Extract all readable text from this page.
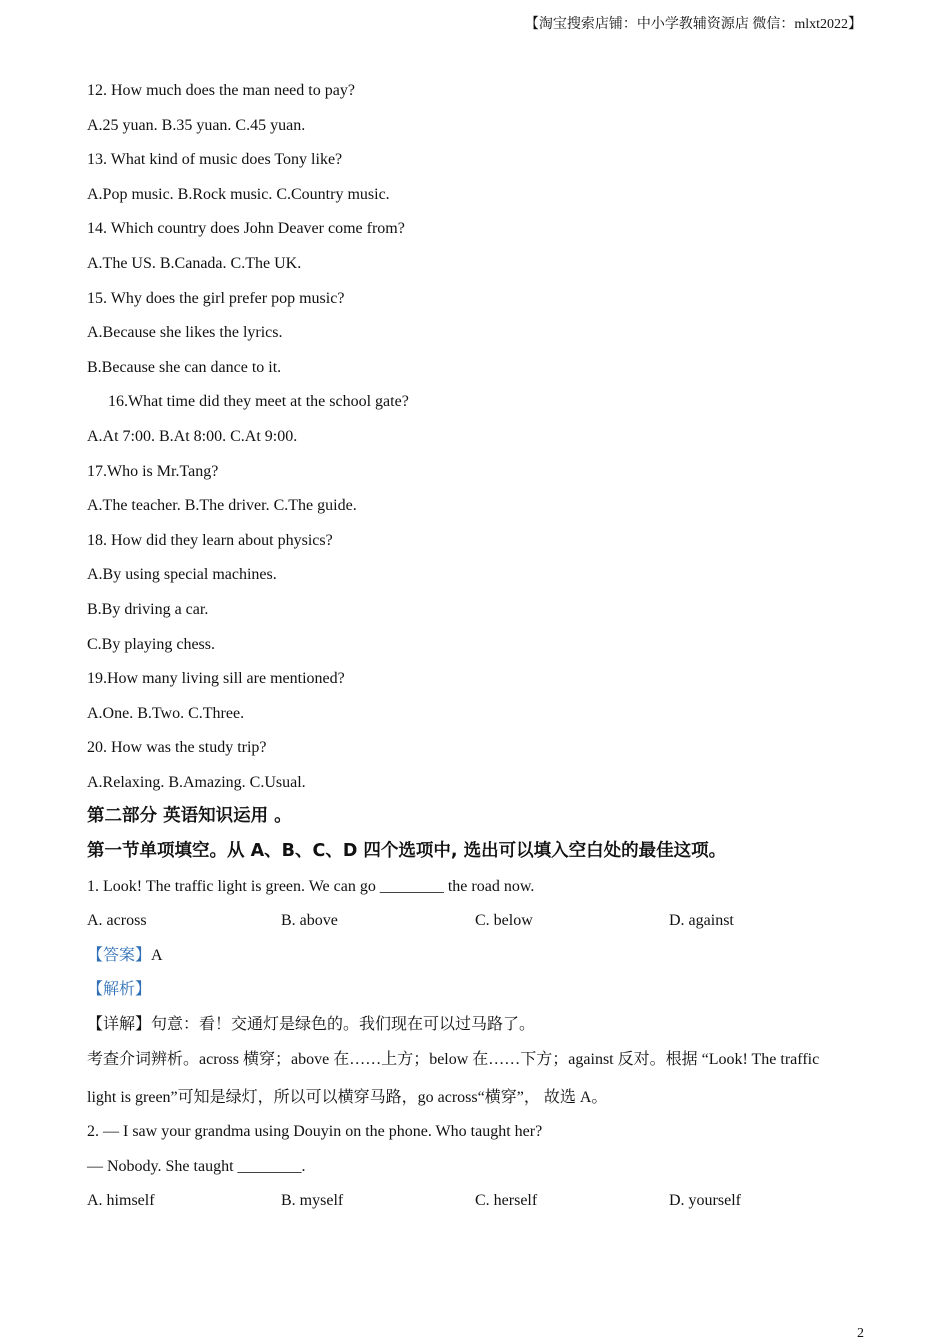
【淘宝搜索店铺：中小学教辅资源店 微信：mlxt2022】
12. How much does the man need to pay?
A.25 yuan. B.35 yuan. C.45 yuan.
13. What kind of music does Tony like?
A.Pop music. B.Rock music. C.Country music.
14. Which country does John Deaver come from?
A.The US. B.Canada. C.The UK.
15. Why does the girl prefer pop music?
A.Because she likes the lyrics.
B.Because she can dance to it.
16.What time did they meet at the school gate?
A.At 7:00. B.At 8:00. C.At 9:00.
17.Who is Mr.Tang?
A.The teacher. B.The driver. C.The guide.
18. How did they learn about physics?
A.By using special machines.
B.By driving a car.
C.By playing chess.
19.How many living sill are mentioned?
A.One. B.Two. C.Three.
20. How was the study trip?
A.Relaxing. B.Amazing. C.Usual.
第二部分 英语知识运用 。
第一节单项填空。从 A、B、C、D 四个选项中, 选出可以填入空白处的最佳这项。
1. Look! The traffic light is green. We can go ________ the road now.
A. across	B. above	C. below	D. against
【答案】A
【解析】
【详解】句意：看！交通灯是绿色的。我们现在可以过马路了。
考查介词辨析。across 横穿；above 在……上方；below 在……下方；against 反对。根据 “Look! The traffic
light is green”可知是绿灯，所以可以横穿马路，go across“横穿”， 故选 A。
2. — I saw your grandma using Douyin on the phone. Who taught her?
— Nobody. She taught ________.
A. himself	B. myself	C. herself	D. yourself
2
